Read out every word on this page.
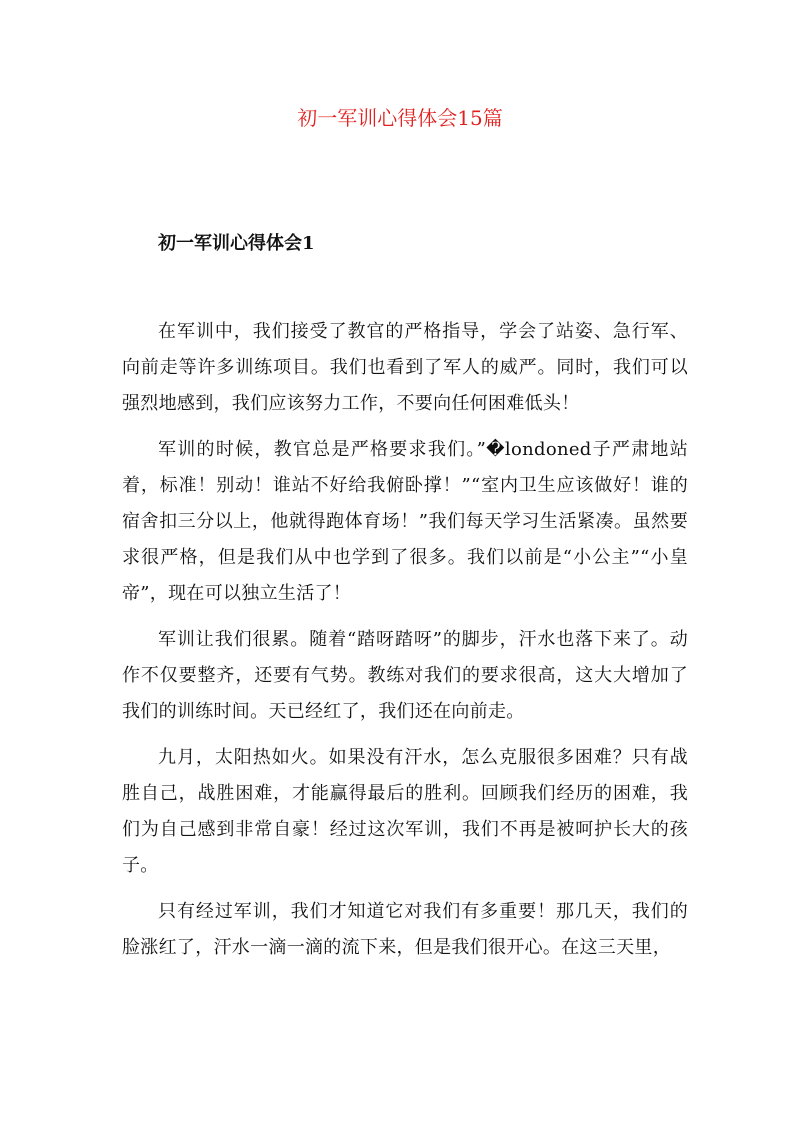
初一军训心得体会15篇
初一军训心得体会1

在军训中，我们接受了教官的严格指导，学会了站姿、急行军、向前走等许多训练项目。我们也看到了军人的威严。同时，我们可以强烈地感到，我们应该努力工作，不要向任何困难低头！

军训的时候，教官总是严格要求我们。”�londoned子严肃地站着，标准！别动！谁站不好给我俯卧撑！”“室内卫生应该做好！谁的宿舍扣三分以上，他就得跑体育场！”我们每天学习生活紧凑。虽然要求很严格，但是我们从中也学到了很多。我们以前是“小公主”“小皇帝”，现在可以独立生活了！

军训让我们很累。随着“踏呀踏呀”的脚步，汗水也落下来了。动作不仅要整齐，还要有气势。教练对我们的要求很高，这大大增加了我们的训练时间。天已经红了，我们还在向前走。

九月，太阳热如火。如果没有汗水，怎么克服很多困难？只有战胜自己，战胜困难，才能赢得最后的胜利。回顾我们经历的困难，我们为自己感到非常自豪！经过这次军训，我们不再是被呵护长大的孩子。

只有经过军训，我们才知道它对我们有多重要！那几天，我们的脸涨红了，汗水一滴一滴的流下来，但是我们很开心。在这三天里，
